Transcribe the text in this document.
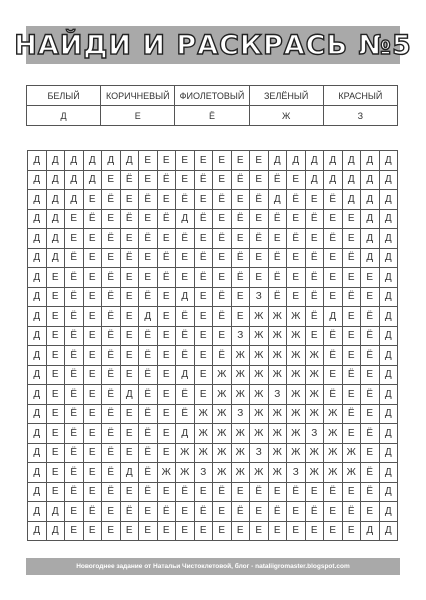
НАЙДИ И РАСКРАСЬ №5
БЕЛЫЙ	КОРИЧНЕВЫЙ	ФИОЛЕТОВЫЙ	ЗЕЛЁНЫЙ	КРАСНЫЙ
Д	Е	Ё	Ж	З
Д	Д	Д	Д	Д	Д	Е	Е	Е	Е	Е	Е	Е	Д	Д	Д	Д	Д	Д	Д
Д	Д	Д	Д	Е	Ё	Е	Ё	Е	Ё	Е	Ё	Е	Ё	Е	Д	Д	Д	Д	Д
Д	Д	Д	Е	Ё	Е	Ё	Е	Ё	Е	Ё	Е	Ё	Д	Ё	Е	Ё	Д	Д	Д
Д	Д	Е	Ё	Е	Ё	Е	Ё	Д	Ё	Е	Ё	Е	Ё	Е	Ё	Е	Е	Д	Д
Д	Д	Е	Е	Ё	Е	Ё	Е	Ё	Е	Ё	Е	Ё	Е	Ё	Е	Ё	Е	Д	Д
Д	Д	Ё	Е	Е	Ё	Е	Ё	Е	Ё	Е	Ё	Е	Ё	Е	Ё	Е	Ё	Д	Д
Д	Е	Ё	Е	Ё	Е	Е	Ё	Е	Ё	Е	Ё	Е	Ё	Е	Ё	Е	Е	Е	Д
Д	Е	Ё	Е	Ё	Е	Ё	Е	Д	Е	Ё	Е	З	Ё	Е	Ё	Е	Ё	Е	Д
Д	Е	Ё	Е	Ё	Е	Д	Е	Ё	Е	Ё	Е	Ж	Ж	Ж	Ё	Д	Е	Ё	Д
Д	Е	Ё	Е	Ё	Е	Ё	Е	Ё	Е	Е	З	Ж	Ж	Ж	Е	Ё	Е	Ё	Д
Д	Е	Ё	Е	Ё	Е	Ё	Е	Ё	Е	Ё	Ж	Ж	Ж	Ж	Ж	Ё	Е	Ё	Д
Д	Е	Ё	Е	Ё	Е	Ё	Е	Д	Е	Ж	Ж	Ж	Ж	Ж	Ж	Е	Ё	Е	Д
Д	Е	Ё	Е	Ё	Д	Ё	Е	Ё	Е	Ж	Ж	Ж	З	Ж	Ж	Ё	Е	Ё	Д
Д	Е	Ё	Е	Ё	Е	Ё	Е	Ё	Ж	Ж	З	Ж	Ж	Ж	Ж	Ж	Ё	Е	Д
Д	Е	Ё	Е	Ё	Е	Ё	Е	Д	Ж	Ж	Ж	Ж	Ж	Ж	З	Ж	Е	Ё	Д
Д	Е	Ё	Е	Ё	Е	Ё	Е	Ж	Ж	Ж	Ж	З	Ж	Ж	Ж	Ж	Ж	Е	Д
Д	Е	Ё	Е	Ё	Д	Ё	Ж	Ж	З	Ж	Ж	Ж	Ж	З	Ж	Ж	Ж	Ё	Д
Д	Е	Ё	Е	Ё	Е	Ё	Е	Ё	Е	Ё	Е	Ё	Е	Ё	Е	Ё	Е	Ё	Д
Д	Д	Е	Ё	Е	Ё	Е	Ё	Е	Ё	Е	Ё	Е	Ё	Е	Ё	Е	Ё	Е	Д
Д	Д	Е	Е	Е	Е	Е	Е	Е	Е	Е	Е	Е	Е	Е	Е	Е	Е	Д	Д
Новогоднее задание от Натальи Чистоклетовой, блог - nataliigromaster.blogspot.com
